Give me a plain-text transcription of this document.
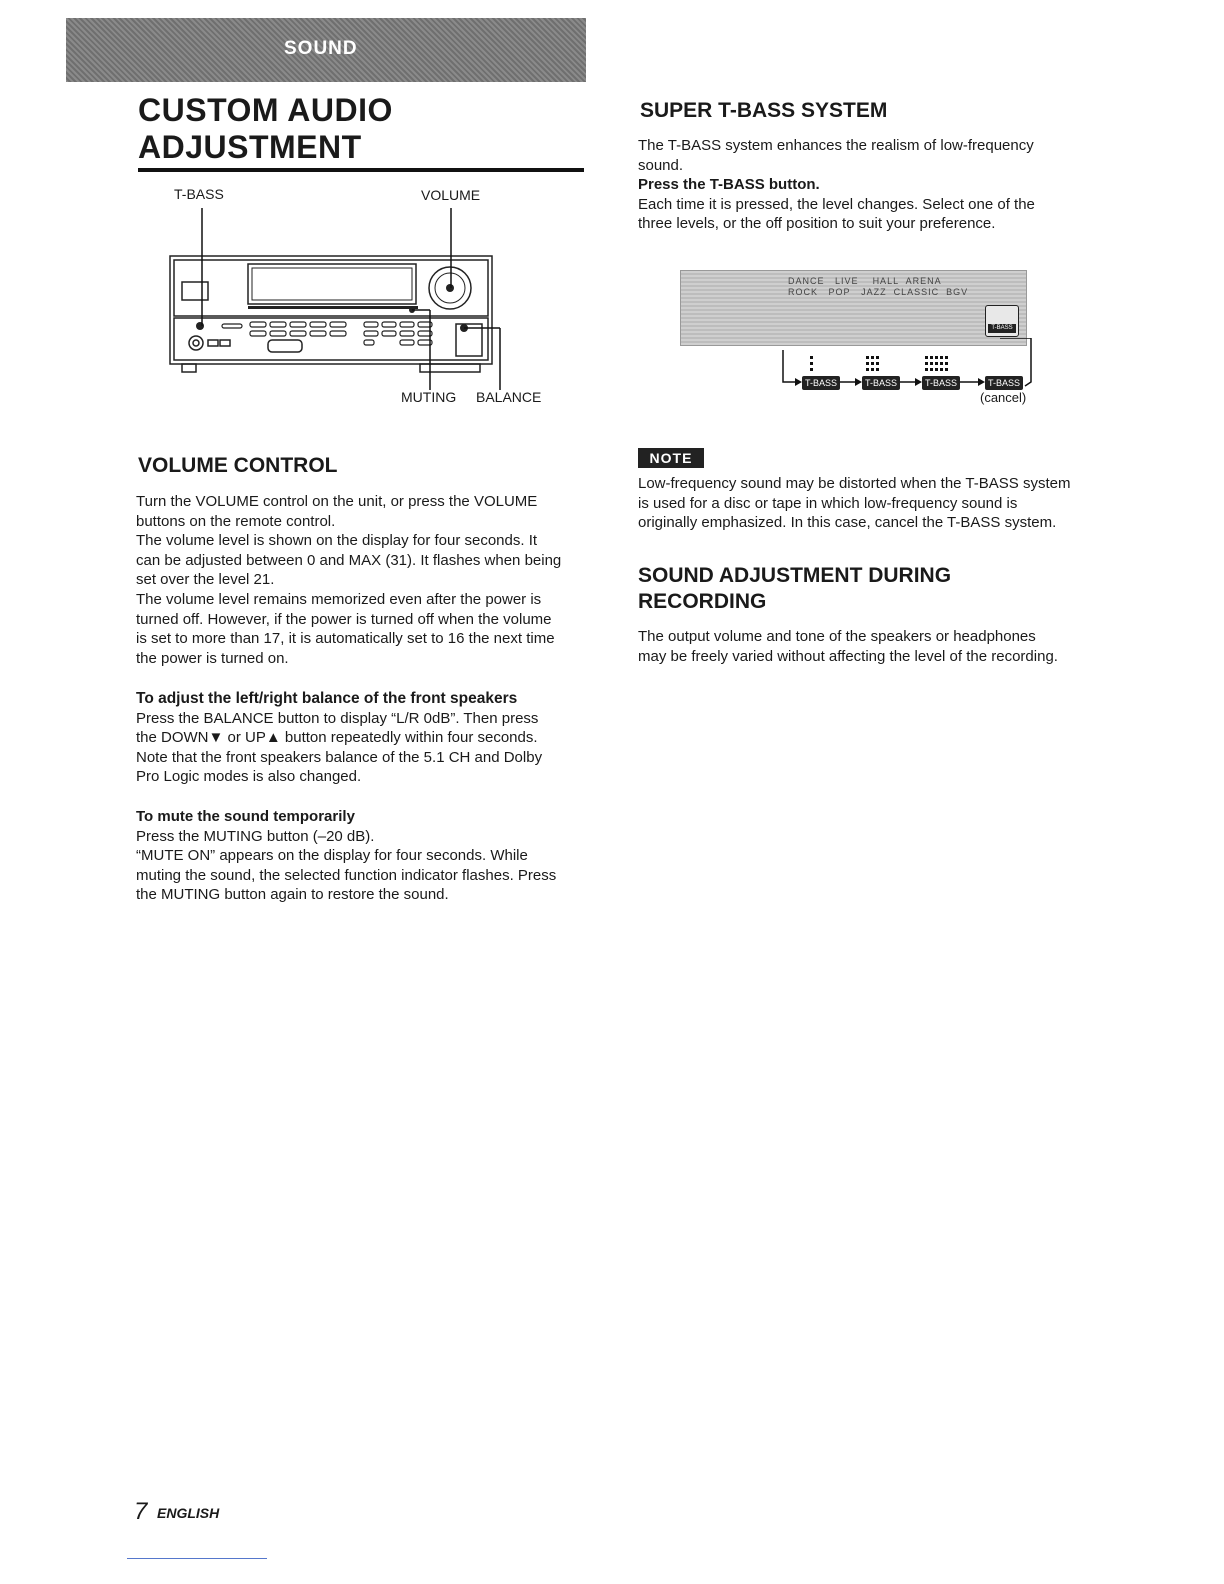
SOUND
CUSTOM AUDIO ADJUSTMENT
T-BASS	VOLUME
MUTING BALANCE
VOLUME CONTROL

Turn the VOLUME control on the unit, or press the VOLUME

buttons on the remote control.

The volume level is shown on the display for four seconds. It

can be adjusted between 0 and MAX (31). It flashes when being

set over the level 21.

The volume level remains memorized even after the power is

turned off. However, if the power is turned off when the volume

is set to more than 17, it is automatically set to 16 the next time

the power is turned on.

To adjust the left/right balance of the front speakers

Press the BALANCE button to display “L/R 0dB”. Then press

the DOWN▼ or UP▲ button repeatedly within four seconds.

Note that the front speakers balance of the 5.1 CH and Dolby

Pro Logic modes is also changed.

To mute the sound temporarily

Press the MUTING button (–20 dB).

“MUTE ON” appears on the display for four seconds. While

muting the sound, the selected function indicator flashes. Press

the MUTING button again to restore the sound.

SUPER T-BASS SYSTEM

The T-BASS system enhances the realism of low-frequency

sound.

Press the T-BASS button.

Each time it is pressed, the level changes. Select one of the

three levels, or the off position to suit your preference.

DANCE LIVE HALL ARENA
ROCK POP JAZZ CLASSIC BGV
T-BASS
T-BASS	T-BASS	T-BASS	T-BASS
(cancel)
NOTE

Low-frequency sound may be distorted when the T-BASS system

is used for a disc or tape in which low-frequency sound is

originally emphasized. In this case, cancel the T-BASS system.

SOUND ADJUSTMENT DURING
RECORDING

The output volume and tone of the speakers or headphones

may be freely varied without affecting the level of the recording.

7 ENGLISH
